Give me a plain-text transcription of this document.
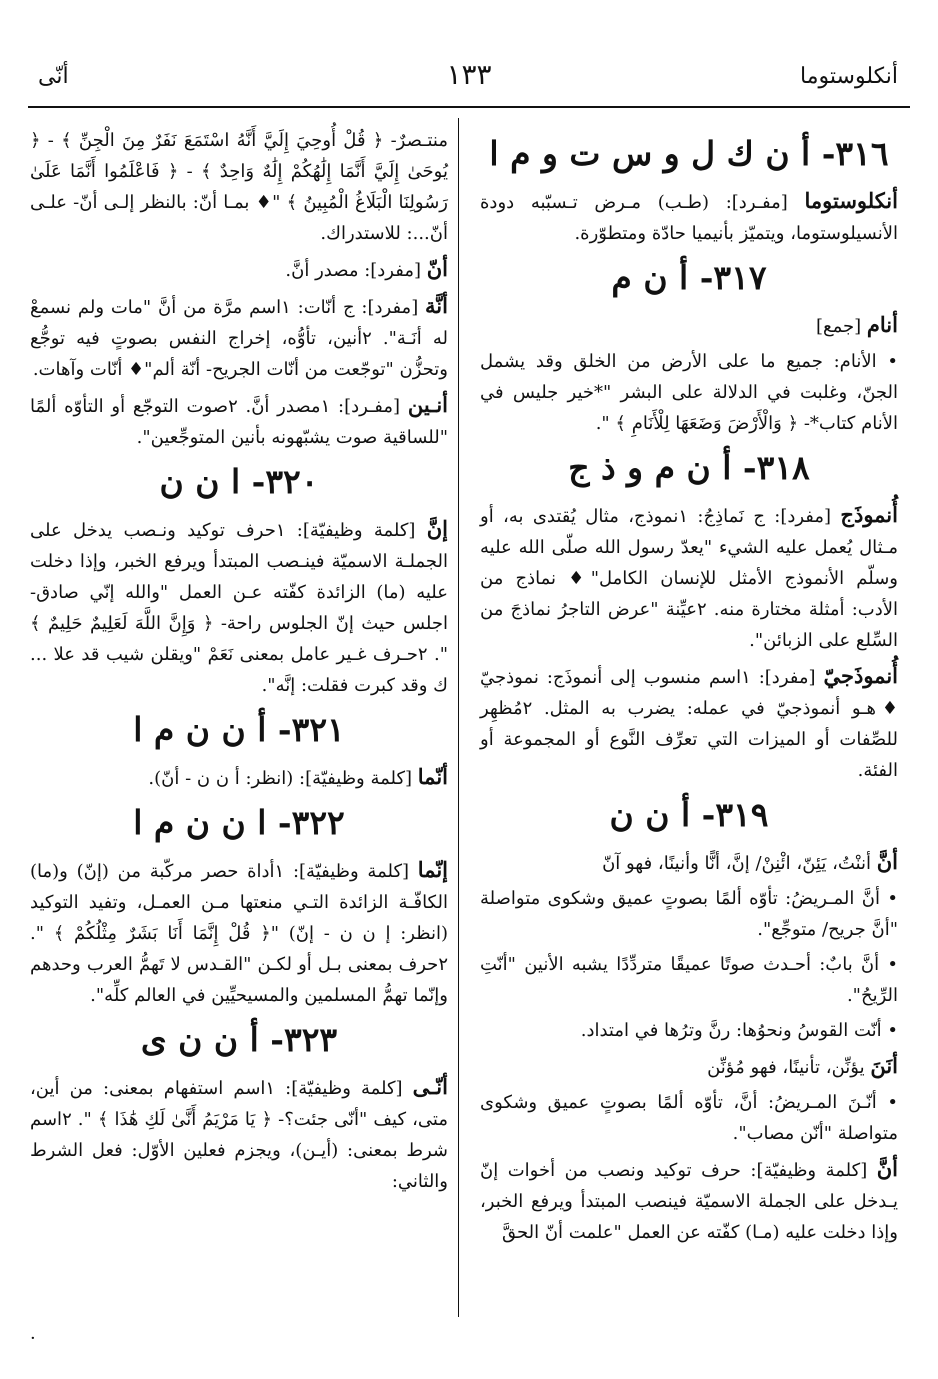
أنكلوستوما
١٣٣
أنّى
٣١٦- أ ن ك ل و س ت و م ا

أنكلوستوما [مفـرد]: (طـب) مـرض تـسبّبه دودة الأنسيلوستوما، ويتميّز بأنيميا حادّة ومتطوّرة.

٣١٧- أ ن م

أنام [جمع]

• الأنام: جميع ما على الأرض من الخلق وقد يشمل الجنّ، وغلبت في الدلالة على البشر "*خير جليس في الأنام كتاب*- ﴿ وَالْأَرْضَ وَضَعَهَا لِلْأَنَامِ ﴾ ".

٣١٨- أ ن م و ذ ج

أُنموذَج [مفرد]: ج نَماذِجُ: ١نموذج، مثال يُقتدى به، أو مـثال يُعمل عليه الشيء "يعدّ رسول الله صلّى الله عليه وسلّم الأنموذج الأمثل للإنسان الكامل"♦ نماذج من الأدب: أمثلة مختارة منه. ٢عيِّنة "عرض التاجرُ نماذجَ من السِّلع على الزبائن".

أُنموذَجيّ [مفرد]: ١اسم منسوب إلى أنموذَج: نموذجيّ ♦هـو أنموذجيّ في عمله: يضرب به المثل. ٢مُظهِر للصِّفات أو الميزات التي تعرِّف النَّوع أو المجموعة أو الفئة.

٣١٩- أ ن ن

أنَّ أننْتُ، يَئِنّ، ائْنِنْ/ إنَّ، أنًّا وأنينًا، فهو آنّ

• أنَّ المـريضُ: تأوّه ألمًا بصوتٍ عميق وشكوى متواصلة "أنَّ جريح/ متوجِّع".

• أنَّ بابٌ: أحـدث صوتًا عميقًا متردِّدًا يشبه الأنين "أنّتِ الرِّيحُ".

• أنّت القوسُ ونحوُها: رنَّ وترُها في امتداد.

أنَنَ يؤنِّن، تأنينًا، فهو مُؤنِّن

• أنّـنَ المـريضُ: أنَّ، تأوّه ألمًا بصوتٍ عميق وشكوى متواصلة "أنّن مصاب".

أنَّ [كلمة وظيفيّة]: حرف توكيد ونصب من أخوات إنّ يـدخل على الجملة الاسميّة فينصب المبتدأ ويرفع الخبر، وإذا دخلت عليه (مـا) كفّته عن العمل "علمت أنّ الحقَّ

منتـصرٌ- ﴿ قُلْ أُوحِيَ إِلَيَّ أَنَّهُ اسْتَمَعَ نَفَرٌ مِنَ الْجِنِّ ﴾ - ﴿ يُوحَىٰ إِلَيَّ أَنَّمَا إِلَٰهُكُمْ إِلَٰهٌ وَاحِدٌ ﴾ - ﴿ فَاعْلَمُوا أَنَّمَا عَلَىٰ رَسُولِنَا الْبَلَاغُ الْمُبِينُ ﴾ "♦ بمـا أنّ: بالنظر إلـى أنّ- علـى أنّ...: للاستدراك.

أنّ [مفرد]: مصدر أنَّ.

أنَّة [مفرد]: ج أنّات: ١اسم مرَّة من أنَّ "مات ولم نسمعْ له أنَـة". ٢أنين، تأوُّه، إخراج النفس بصوتٍ فيه توجُّع وتحزُّن "توجّعت من أنّات الجريح- أنّة ألم"♦ أنّات وآهات.

أنـين [مفـرد]: ١مصدر أنَّ. ٢صوت التوجّع أو التأوّه ألمًا "للساقية صوت يشبّهونه بأنين المتوجِّعين".

٣٢٠- ا ن ن

إنَّ [كلمة وظيفيّة]: ١حرف توكيد ونـصب يدخل على الجملـة الاسميّة فينـصب المبتدأ ويرفع الخبر، وإذا دخلت عليه (ما) الزائدة كفّته عـن العمل "والله إنّي صادق- اجلس حيث إنّ الجلوس راحة- ﴿ وَإِنَّ اللَّهَ لَعَلِيمٌ حَلِيمٌ ﴾ ". ٢حـرف غـير عامل بمعنى نَعَمْ "ويقلن شيب قد علا ... ك وقد كبرت فقلت: إنَّه".

٣٢١- أ ن ن م ا

أنّما [كلمة وظيفيّة]: (انظر: أ ن ن - أنّ).

٣٢٢- ا ن ن م ا

إنّما [كلمة وظيفيّة]: ١أداة حصر مركّبة من (إنّ) و(ما) الكافّـة الزائدة التـي منعتها مـن العمـل، وتفيد التوكيد (انظر: إ ن ن - إنّ) "﴿ قُلْ إِنَّمَا أَنَا بَشَرٌ مِثْلُكُمْ ﴾ ". ٢حرف بمعنى بـل أو لكـن "القـدس لا تَهمُّ العرب وحدهم وإنّما تهمُّ المسلمين والمسيحيِّين في العالم كلِّه".

٣٢٣- أ ن ن ى

أنّـى [كلمة وظيفيّة]: ١اسم استفهام بمعنى: من أين، متى، كيف "أنّى جئت؟- ﴿ يَا مَرْيَمُ أَنَّىٰ لَكِ هَٰذَا ﴾ ". ٢اسم شرط بمعنى: (أيـن)، ويجزم فعلين الأوّل: فعل الشرط والثاني:

·
